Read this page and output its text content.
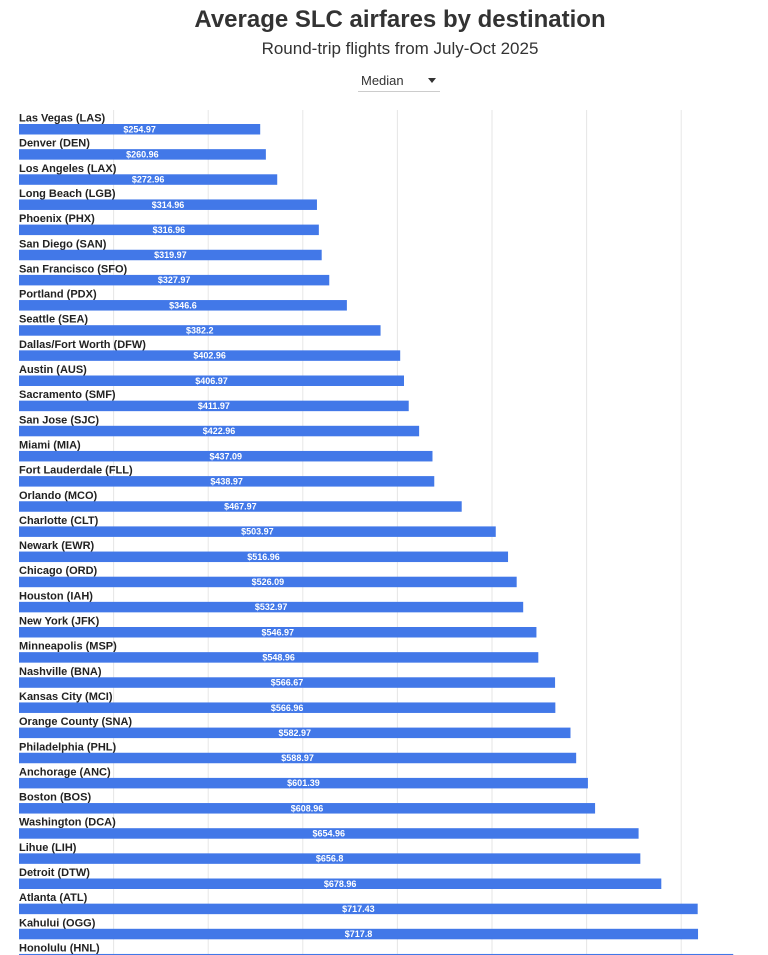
Average SLC airfares by destination
Round-trip flights from July-Oct 2025
Median
Las Vegas (LAS)
$254.97
Denver (DEN)
$260.96
Los Angeles (LAX)
$272.96
Long Beach (LGB)
$314.96
Phoenix (PHX)
$316.96
San Diego (SAN)
$319.97
San Francisco (SFO)
$327.97
Portland (PDX)
$346.6
Seattle (SEA)
$382.2
Dallas/Fort Worth (DFW)
$402.96
Austin (AUS)
$406.97
Sacramento (SMF)
$411.97
San Jose (SJC)
$422.96
Miami (MIA)
$437.09
Fort Lauderdale (FLL)
$438.97
Orlando (MCO)
$467.97
Charlotte (CLT)
$503.97
Newark (EWR)
$516.96
Chicago (ORD)
$526.09
Houston (IAH)
$532.97
New York (JFK)
$546.97
Minneapolis (MSP)
$548.96
Nashville (BNA)
$566.67
Kansas City (MCI)
$566.96
Orange County (SNA)
$582.97
Philadelphia (PHL)
$588.97
Anchorage (ANC)
$601.39
Boston (BOS)
$608.96
Washington (DCA)
$654.96
Lihue (LIH)
$656.8
Detroit (DTW)
$678.96
Atlanta (ATL)
$717.43
Kahului (OGG)
$717.8
Honolulu (HNL)
